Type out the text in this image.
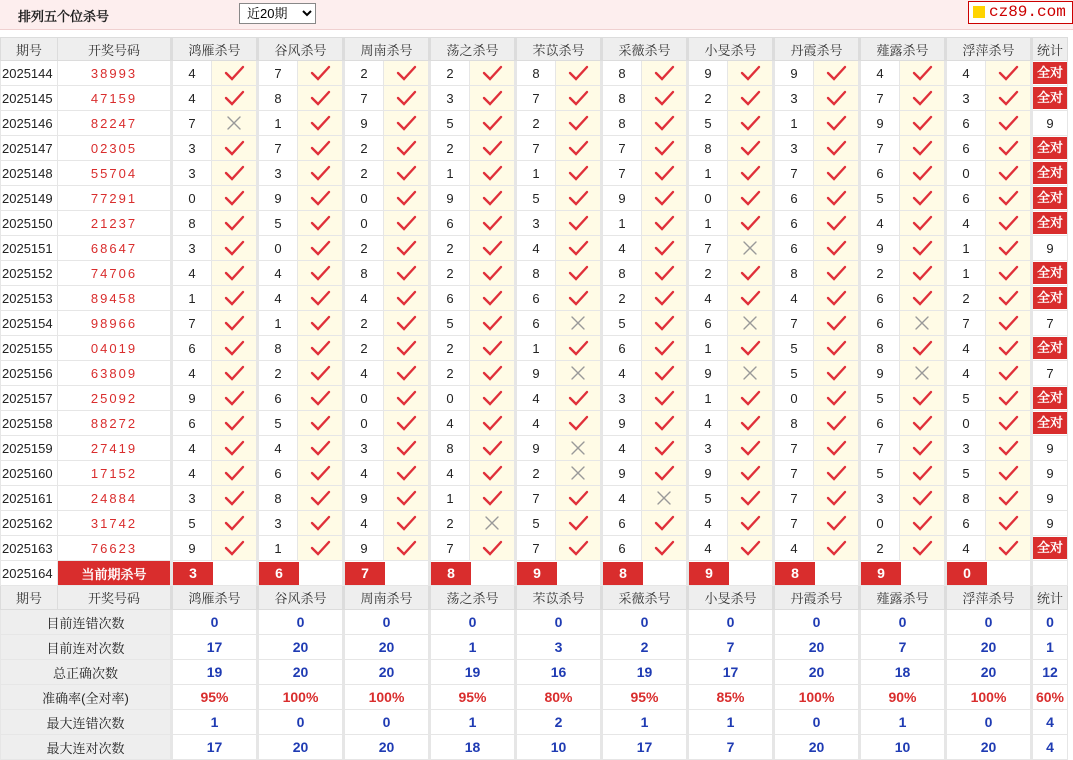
排列五个位杀号
近20期	cz89.com
期号	开奖号码	鸿雁杀号		谷风杀号		周南杀号		荡之杀号		芣苡杀号		采薇杀号		小旻杀号		丹霞杀号		薤露杀号		浮萍杀号		统计
2025144	38993	4		7		2		2		8		8		9		9		4		4		全对
2025145	47159	4		8		7		3		7		8		2		3		7		3		全对
2025146	82247	7		1		9		5		2		8		5		1		9		6		9
2025147	02305	3		7		2		2		7		7		8		3		7		6		全对
2025148	55704	3		3		2		1		1		7		1		7		6		0		全对
2025149	77291	0		9		0		9		5		9		0		6		5		6		全对
2025150	21237	8		5		0		6		3		1		1		6		4		4		全对
2025151	68647	3		0		2		2		4		4		7		6		9		1		9
2025152	74706	4		4		8		2		8		8		2		8		2		1		全对
2025153	89458	1		4		4		6		6		2		4		4		6		2		全对
2025154	98966	7		1		2		5		6		5		6		7		6		7		7
2025155	04019	6		8		2		2		1		6		1		5		8		4		全对
2025156	63809	4		2		4		2		9		4		9		5		9		4		7
2025157	25092	9		6		0		0		4		3		1		0		5		5		全对
2025158	88272	6		5		0		4		4		9		4		8		6		0		全对
2025159	27419	4		4		3		8		9		4		3		7		7		3		9
2025160	17152	4		6		4		4		2		9		9		7		5		5		9
2025161	24884	3		8		9		1		7		4		5		7		3		8		9
2025162	31742	5		3		4		2		5		6		4		7		0		6		9
2025163	76623	9		1		9		7		7		6		4		4		2		4		全对
2025164	当前期杀号	3		6		7		8		9		8		9		8		9		0		
期号	开奖号码	鸿雁杀号		谷风杀号		周南杀号		荡之杀号		芣苡杀号		采薇杀号		小旻杀号		丹霞杀号		薤露杀号		浮萍杀号		统计
目前连错次数		0		0		0		0		0		0		0		0		0		0		0
目前连对次数		17		20		20		1		3		2		7		20		7		20		1
总正确次数		19		20		20		19		16		19		17		20		18		20		12
准确率(全对率)		95%		100%		100%		95%		80%		95%		85%		100%		90%		100%		60%
最大连错次数		1		0		0		1		2		1		1		0		1		0		4
最大连对次数		17		20		20		18		10		17		7		20		10		20		4
